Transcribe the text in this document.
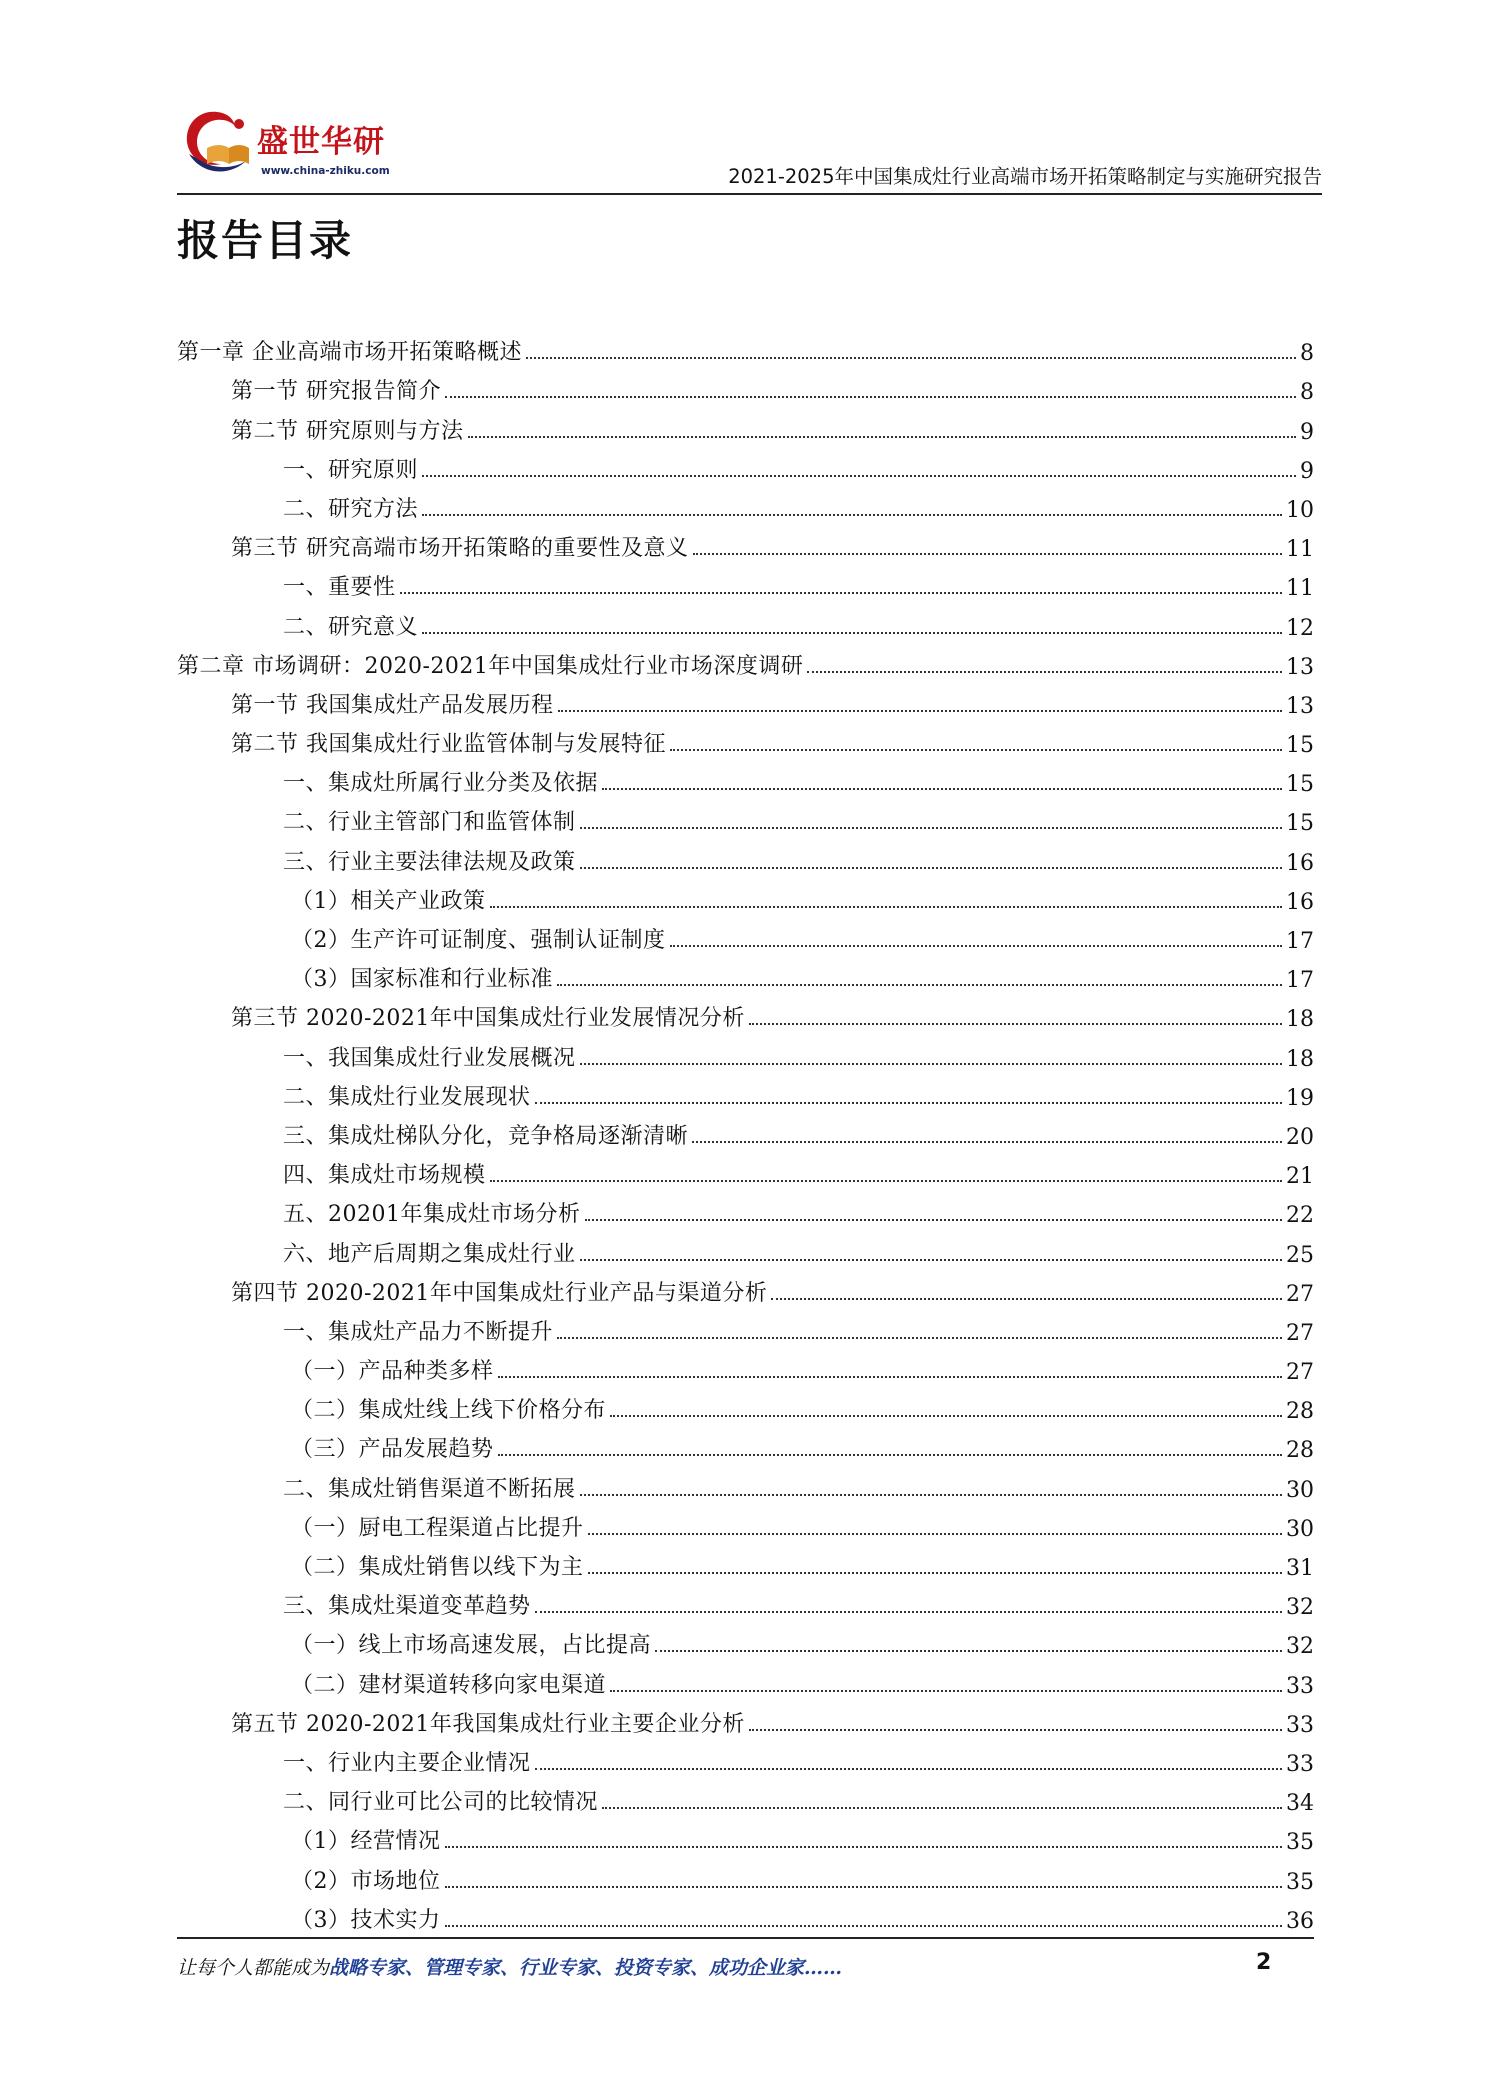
盛世华研
www.china-zhiku.com	2021-2025年中国集成灶行业高端市场开拓策略制定与实施研究报告
报告目录
第一章 企业高端市场开拓策略概述	8
第一节 研究报告简介	8
第二节 研究原则与方法	9
一、研究原则	9
二、研究方法	10
第三节 研究高端市场开拓策略的重要性及意义	11
一、重要性	11
二、研究意义	12
第二章 市场调研：2020-2021年中国集成灶行业市场深度调研	13
第一节 我国集成灶产品发展历程	13
第二节 我国集成灶行业监管体制与发展特征	15
一、集成灶所属行业分类及依据	15
二、行业主管部门和监管体制	15
三、行业主要法律法规及政策	16
（1）相关产业政策	16
（2）生产许可证制度、强制认证制度	17
（3）国家标准和行业标准	17
第三节 2020-2021年中国集成灶行业发展情况分析	18
一、我国集成灶行业发展概况	18
二、集成灶行业发展现状	19
三、集成灶梯队分化，竞争格局逐渐清晰	20
四、集成灶市场规模	21
五、20201年集成灶市场分析	22
六、地产后周期之集成灶行业	25
第四节 2020-2021年中国集成灶行业产品与渠道分析	27
一、集成灶产品力不断提升	27
（一）产品种类多样	27
（二）集成灶线上线下价格分布	28
（三）产品发展趋势	28
二、集成灶销售渠道不断拓展	30
（一）厨电工程渠道占比提升	30
（二）集成灶销售以线下为主	31
三、集成灶渠道变革趋势	32
（一）线上市场高速发展，占比提高	32
（二）建材渠道转移向家电渠道	33
第五节 2020-2021年我国集成灶行业主要企业分析	33
一、行业内主要企业情况	33
二、同行业可比公司的比较情况	34
（1）经营情况	35
（2）市场地位	35
（3）技术实力	36
让每个人都能成为战略专家、管理专家、行业专家、投资专家、成功企业家……	2
